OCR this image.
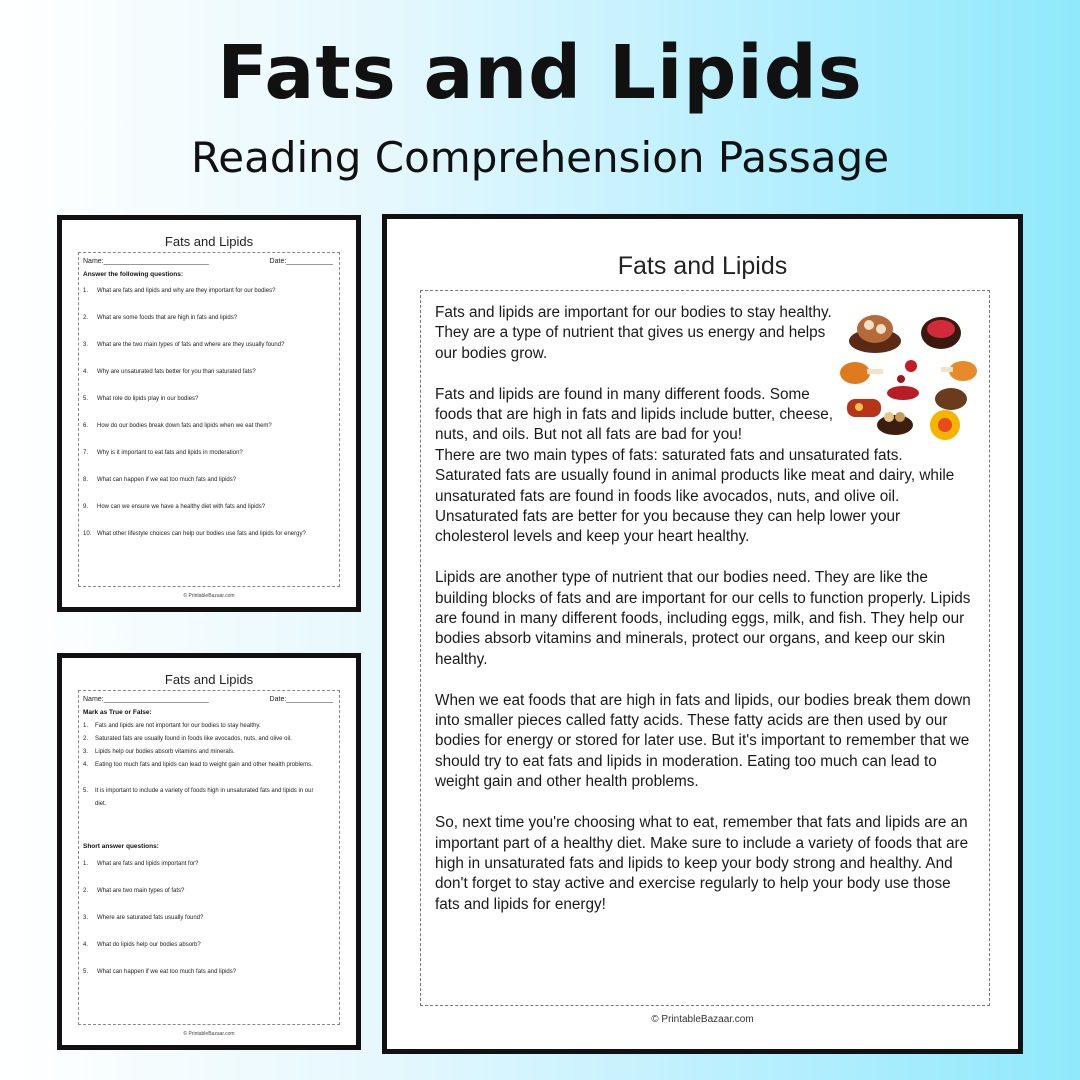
Fats and Lipids
Reading Comprehension Passage
Fats and Lipids
Name:___________________________	Date:____________
Answer the following questions:
1. What are fats and lipids and why are they important for our bodies?
2. What are some foods that are high in fats and lipids?
3. What are the two main types of fats and where are they usually found?
4. Why are unsaturated fats better for you than saturated fats?
5. What role do lipids play in our bodies?
6. How do our bodies break down fats and lipids when we eat them?
7. Why is it important to eat fats and lipids in moderation?
8. What can happen if we eat too much fats and lipids?
9. How can we ensure we have a healthy diet with fats and lipids?
10. What other lifestyle choices can help our bodies use fats and lipids for energy?
© PrintableBazaar.com
Fats and Lipids
Name:___________________________	Date:____________
Mark as True or False:
1. Fats and lipids are not important for our bodies to stay healthy.
2. Saturated fats are usually found in foods like avocados, nuts, and olive oil.
3. Lipids help our bodies absorb vitamins and minerals.
4. Eating too much fats and lipids can lead to weight gain and other health problems.
5. It is important to include a variety of foods high in unsaturated fats and lipids in our diet.
Short answer questions:
1. What are fats and lipids important for?
2. What are two main types of fats?
3. Where are saturated fats usually found?
4. What do lipids help our bodies absorb?
5. What can happen if we eat too much fats and lipids?
© PrintableBazaar.com
Fats and Lipids

Fats and lipids are important for our bodies to stay healthy. They are a type of nutrient that gives us energy and helps our bodies grow.

Fats and lipids are found in many different foods. Some foods that are high in fats and lipids include butter, cheese, nuts, and oils. But not all fats are bad for you!
There are two main types of fats: saturated fats and unsaturated fats. Saturated fats are usually found in animal products like meat and dairy, while unsaturated fats are found in foods like avocados, nuts, and olive oil. Unsaturated fats are better for you because they can help lower your cholesterol levels and keep your heart healthy.

Lipids are another type of nutrient that our bodies need. They are like the building blocks of fats and are important for our cells to function properly. Lipids are found in many different foods, including eggs, milk, and fish. They help our bodies absorb vitamins and minerals, protect our organs, and keep our skin healthy.

When we eat foods that are high in fats and lipids, our bodies break them down into smaller pieces called fatty acids. These fatty acids are then used by our bodies for energy or stored for later use. But it's important to remember that we should try to eat fats and lipids in moderation. Eating too much can lead to weight gain and other health problems.

So, next time you're choosing what to eat, remember that fats and lipids are an important part of a healthy diet. Make sure to include a variety of foods that are high in unsaturated fats and lipids to keep your body strong and healthy. And don't forget to stay active and exercise regularly to help your body use those fats and lipids for energy!

© PrintableBazaar.com
